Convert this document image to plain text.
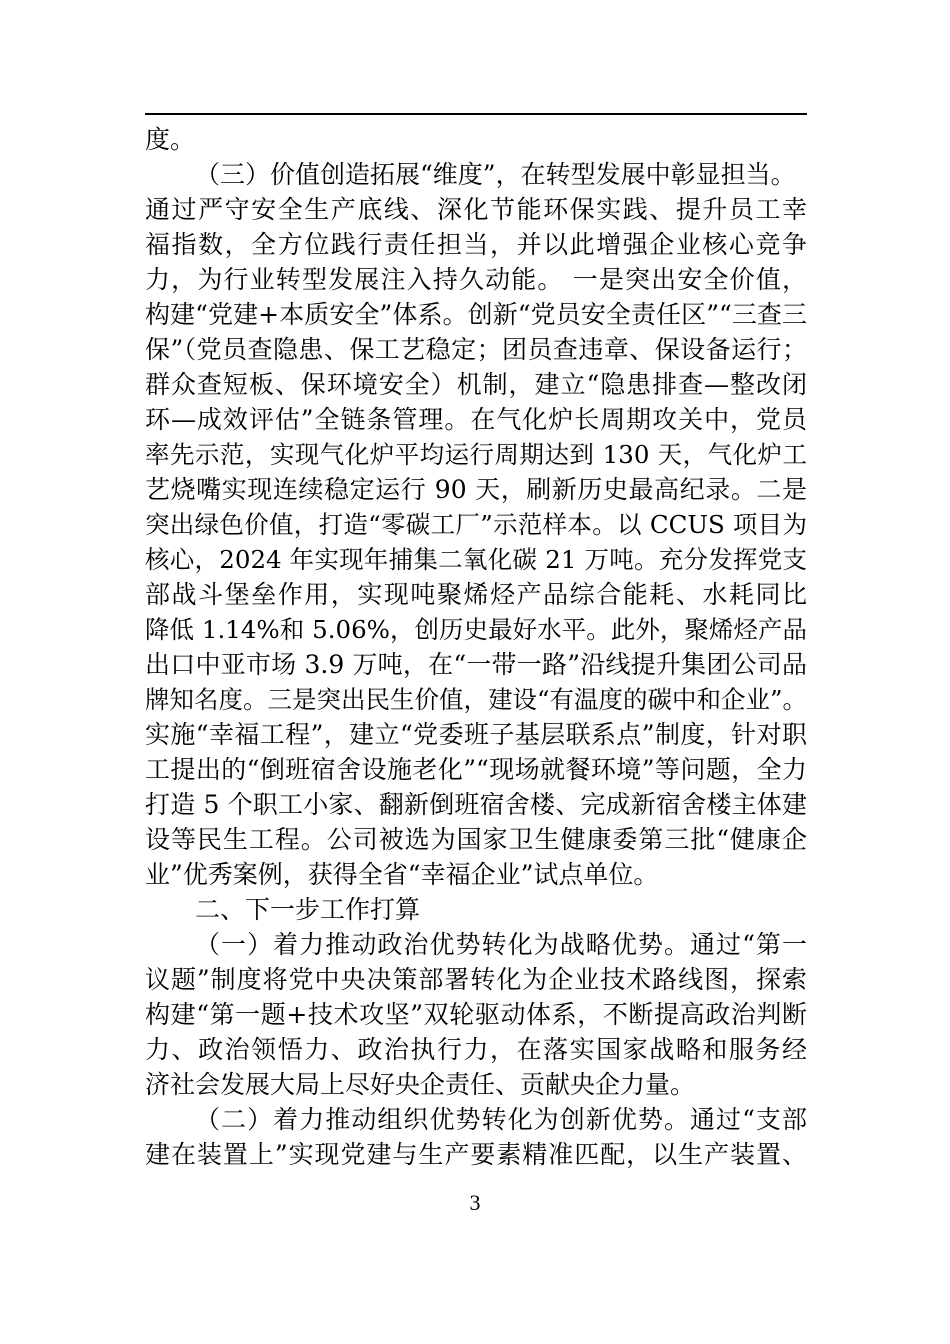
度。
（三）价值创造拓展“维度”，在转型发展中彰显担当。
通过严守安全生产底线、深化节能环保实践、提升员工幸
福指数，全方位践行责任担当，并以此增强企业核心竞争
力，为行业转型发展注入持久动能。 一是突出安全价值，
构建“党建+本质安全”体系。创新“党员安全责任区”“三查三
保”（党员查隐患、保工艺稳定；团员查违章、保设备运行；
群众查短板、保环境安全）机制，建立“隐患排查—整改闭
环—成效评估”全链条管理。在气化炉长周期攻关中，党员
率先示范，实现气化炉平均运行周期达到 130 天，气化炉工
艺烧嘴实现连续稳定运行 90 天，刷新历史最高纪录。二是
突出绿色价值，打造“零碳工厂”示范样本。以 CCUS 项目为
核心，2024 年实现年捕集二氧化碳 21 万吨。充分发挥党支
部战斗堡垒作用，实现吨聚烯烃产品综合能耗、水耗同比
降低 1.14%和 5.06%，创历史最好水平。此外，聚烯烃产品
出口中亚市场 3.9 万吨，在“一带一路”沿线提升集团公司品
牌知名度。三是突出民生价值，建设“有温度的碳中和企业”。
实施“幸福工程”，建立“党委班子基层联系点”制度，针对职
工提出的“倒班宿舍设施老化”“现场就餐环境”等问题，全力
打造 5 个职工小家、翻新倒班宿舍楼、完成新宿舍楼主体建
设等民生工程。公司被选为国家卫生健康委第三批“健康企
业”优秀案例，获得全省“幸福企业”试点单位。
二、下一步工作打算
（一）着力推动政治优势转化为战略优势。通过“第一
议题”制度将党中央决策部署转化为企业技术路线图，探索
构建“第一题+技术攻坚”双轮驱动体系，不断提高政治判断
力、政治领悟力、政治执行力，在落实国家战略和服务经
济社会发展大局上尽好央企责任、贡献央企力量。
（二）着力推动组织优势转化为创新优势。通过“支部
建在装置上”实现党建与生产要素精准匹配，以生产装置、
3
